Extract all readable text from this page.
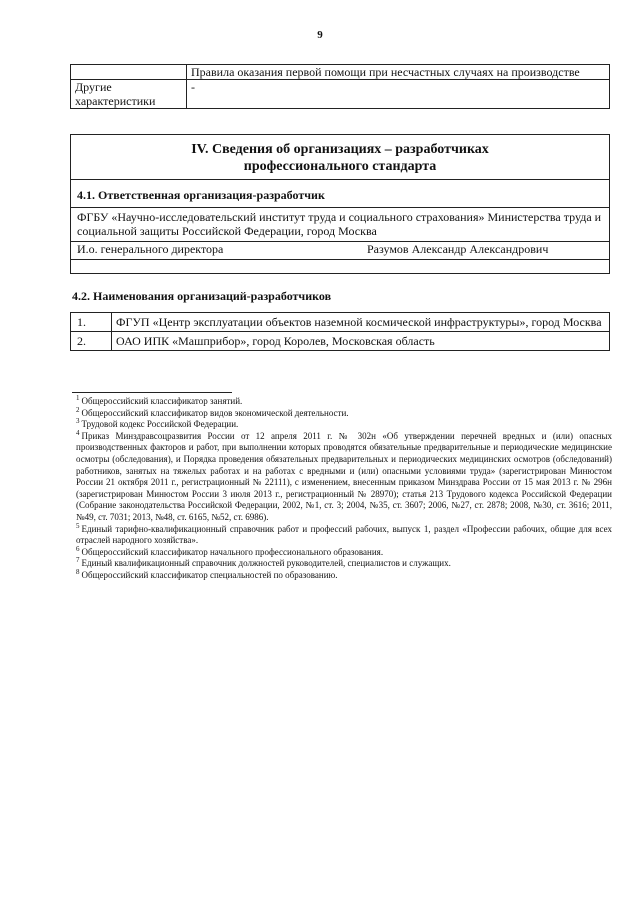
9
	Правила оказания первой помощи при несчастных случаях на производстве
Другие характеристики	-
IV. Сведения об организациях – разработчиках
профессионального стандарта
4.1. Ответственная организация-разработчик
ФГБУ «Научно-исследовательский институт труда и социального страхования» Министерства труда и социальной защиты Российской Федерации, город Москва
И.о. генерального директора	Разумов Александр Александрович
4.2. Наименования организаций-разработчиков
1.	ФГУП «Центр эксплуатации объектов наземной космической инфраструктуры», город Москва
2.	ОАО ИПК «Машприбор», город Королев, Московская область

$^1$ Общероссийский классификатор занятий.

$^2$ Общероссийский классификатор видов экономической деятельности.

$^3$ Трудовой кодекс Российской Федерации.

$^4$ Приказ Минздравсоцразвития России от 12 апреля 2011 г. № 302н «Об утверждении перечней вредных и (или) опасных производственных факторов и работ, при выполнении которых проводятся обязательные предварительные и периодические медицинские осмотры (обследования), и Порядка проведения обязательных предварительных и периодических медицинских осмотров (обследований) работников, занятых на тяжелых работах и на работах с вредными и (или) опасными условиями труда» (зарегистрирован Минюстом России 21 октября 2011 г., регистрационный № 22111), с изменением, внесенным приказом Минздрава России от 15 мая 2013 г. № 296н (зарегистрирован Минюстом России 3 июля 2013 г., регистрационный № 28970); статья 213 Трудового кодекса Российской Федерации (Собрание законодательства Российской Федерации, 2002, №1, ст. 3; 2004, №35, ст. 3607; 2006, №27, ст. 2878; 2008, №30, ст. 3616; 2011, №49, ст. 7031; 2013, №48, ст. 6165, №52, ст. 6986).

$^5$ Единый тарифно-квалификационный справочник работ и профессий рабочих, выпуск 1, раздел «Профессии рабочих, общие для всех отраслей народного хозяйства».

$^6$ Общероссийский классификатор начального профессионального образования.

$^7$ Единый квалификационный справочник должностей руководителей, специалистов и служащих.

$^8$ Общероссийский классификатор специальностей по образованию.
